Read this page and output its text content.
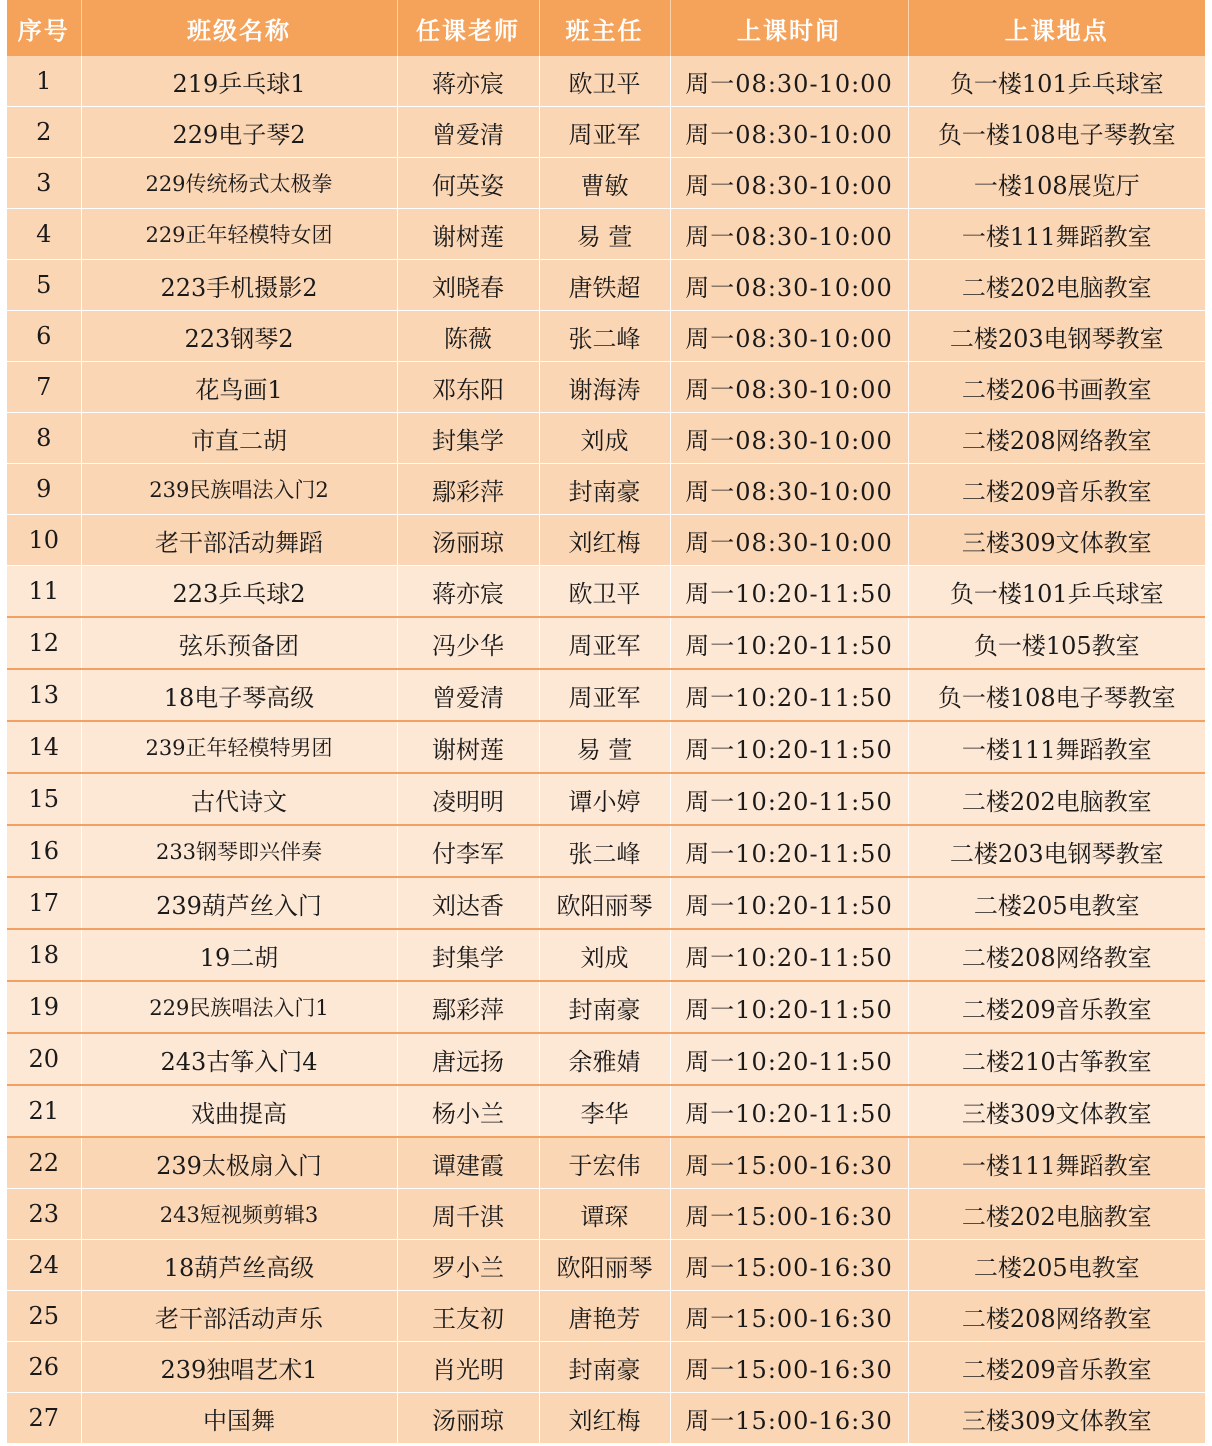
序号	班级名称	任课老师	班主任	上课时间	上课地点
1	219乒乓球1	蒋亦宸	欧卫平	周一08:30-10:00	负一楼101乒乓球室
2	229电子琴2	曾爱清	周亚军	周一08:30-10:00	负一楼108电子琴教室
3	229传统杨式太极拳	何英姿	曹敏	周一08:30-10:00	一楼108展览厅
4	229正年轻模特女团	谢树莲	易 萱	周一08:30-10:00	一楼111舞蹈教室
5	223手机摄影2	刘晓春	唐铁超	周一08:30-10:00	二楼202电脑教室
6	223钢琴2	陈薇	张二峰	周一08:30-10:00	二楼203电钢琴教室
7	花鸟画1	邓东阳	谢海涛	周一08:30-10:00	二楼206书画教室
8	市直二胡	封集学	刘成	周一08:30-10:00	二楼208网络教室
9	239民族唱法入门2	鄢彩萍	封南豪	周一08:30-10:00	二楼209音乐教室
10	老干部活动舞蹈	汤丽琼	刘红梅	周一08:30-10:00	三楼309文体教室
11	223乒乓球2	蒋亦宸	欧卫平	周一10:20-11:50	负一楼101乒乓球室
12	弦乐预备团	冯少华	周亚军	周一10:20-11:50	负一楼105教室
13	18电子琴高级	曾爱清	周亚军	周一10:20-11:50	负一楼108电子琴教室
14	239正年轻模特男团	谢树莲	易 萱	周一10:20-11:50	一楼111舞蹈教室
15	古代诗文	凌明明	谭小婷	周一10:20-11:50	二楼202电脑教室
16	233钢琴即兴伴奏	付李军	张二峰	周一10:20-11:50	二楼203电钢琴教室
17	239葫芦丝入门	刘达香	欧阳丽琴	周一10:20-11:50	二楼205电教室
18	19二胡	封集学	刘成	周一10:20-11:50	二楼208网络教室
19	229民族唱法入门1	鄢彩萍	封南豪	周一10:20-11:50	二楼209音乐教室
20	243古筝入门4	唐远扬	余雅婧	周一10:20-11:50	二楼210古筝教室
21	戏曲提高	杨小兰	李华	周一10:20-11:50	三楼309文体教室
22	239太极扇入门	谭建霞	于宏伟	周一15:00-16:30	一楼111舞蹈教室
23	243短视频剪辑3	周千淇	谭琛	周一15:00-16:30	二楼202电脑教室
24	18葫芦丝高级	罗小兰	欧阳丽琴	周一15:00-16:30	二楼205电教室
25	老干部活动声乐	王友初	唐艳芳	周一15:00-16:30	二楼208网络教室
26	239独唱艺术1	肖光明	封南豪	周一15:00-16:30	二楼209音乐教室
27	中国舞	汤丽琼	刘红梅	周一15:00-16:30	三楼309文体教室
